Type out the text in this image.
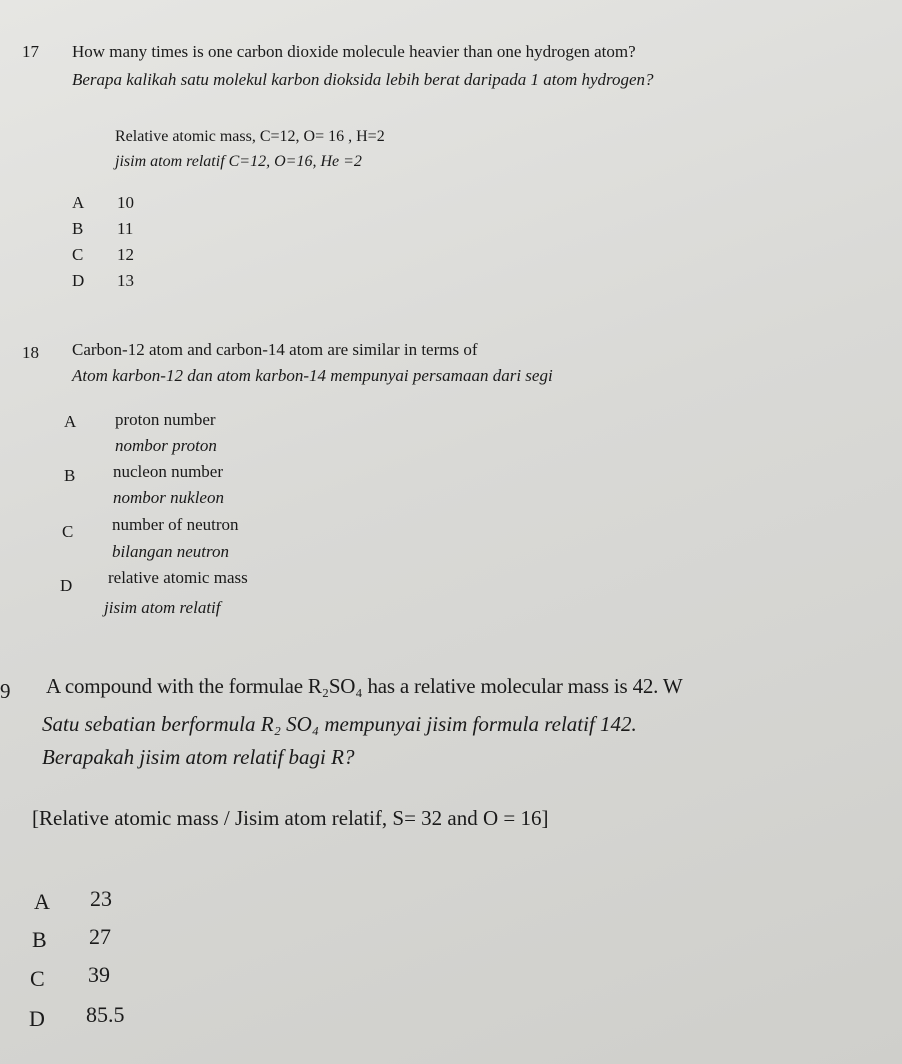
17 How many times is one carbon dioxide molecule heavier than one hydrogen atom?
Berapa kalikah satu molekul karbon dioksida lebih berat daripada 1 atom hydrogen?
Relative atomic mass, C=12, O= 16 , H=2
jisim atom relatif C=12, O=16, He =2
A 10
B 11
C 12
D 13
18 Carbon-12 atom and carbon-14 atom are similar in terms of
Atom karbon-12 dan atom karbon-14 mempunyai persamaan dari segi
A proton number
nombor proton
B nucleon number
nombor nukleon
C number of neutron
bilangan neutron
D relative atomic mass
jisim atom relatif
9 A compound with the formulae R₂SO₄ has a relative molecular mass is 42. W
Satu sebatian berformula R₂ SO₄ mempunyai jisim formula relatif 142.
Berapakah jisim atom relatif bagi R?
[Relative atomic mass / Jisim atom relatif, S= 32 and O = 16]
A 23
B 27
C 39
D 85.5
